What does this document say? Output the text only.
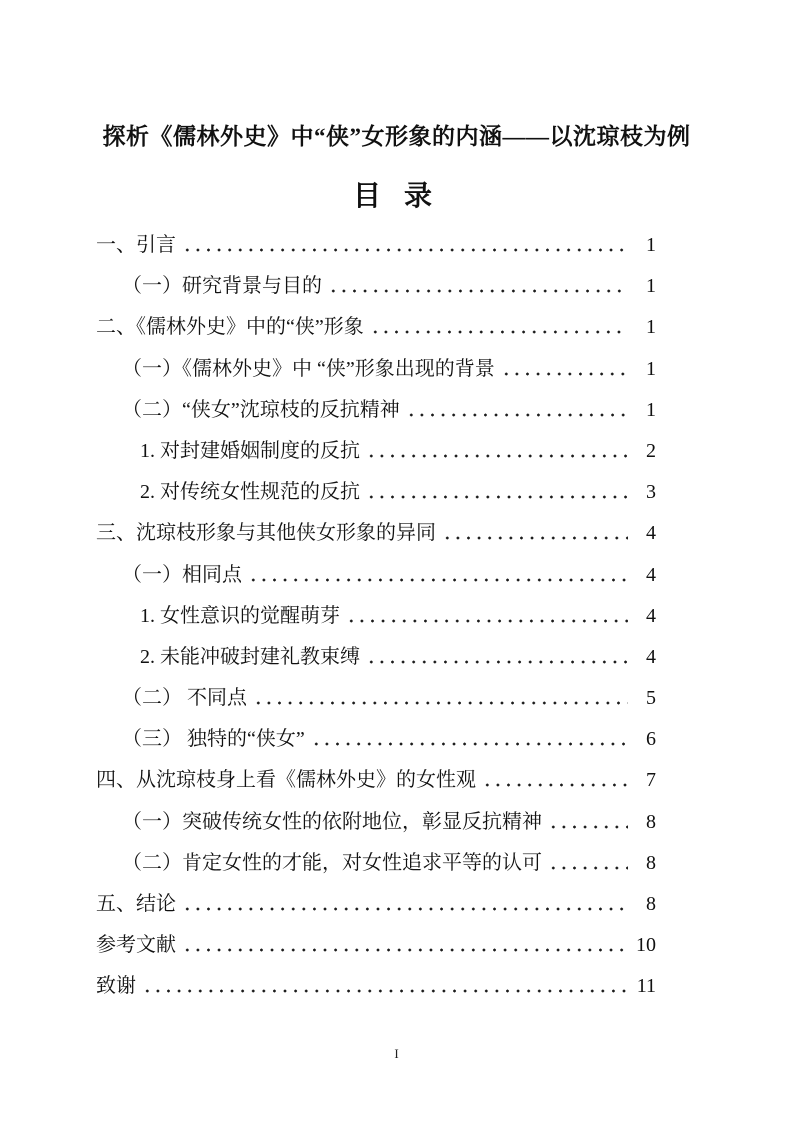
探析《儒林外史》中“侠”女形象的内涵——以沈琼枝为例
目 录
一、引言	1
（一）研究背景与目的	1
二、《儒林外史》中的“侠”形象	1
（一）《儒林外史》中 “侠”形象出现的背景	1
（二）“侠女”沈琼枝的反抗精神	1
1. 对封建婚姻制度的反抗	2
2. 对传统女性规范的反抗	3
三、沈琼枝形象与其他侠女形象的异同	4
（一）相同点	4
1. 女性意识的觉醒萌芽	4
2. 未能冲破封建礼教束缚	4
（二） 不同点	5
（三） 独特的“侠女”	6
四、从沈琼枝身上看《儒林外史》的女性观	7
（一）突破传统女性的依附地位，彰显反抗精神	8
（二）肯定女性的才能，对女性追求平等的认可	8
五、结论	8
参考文献	10
致谢	11
I
